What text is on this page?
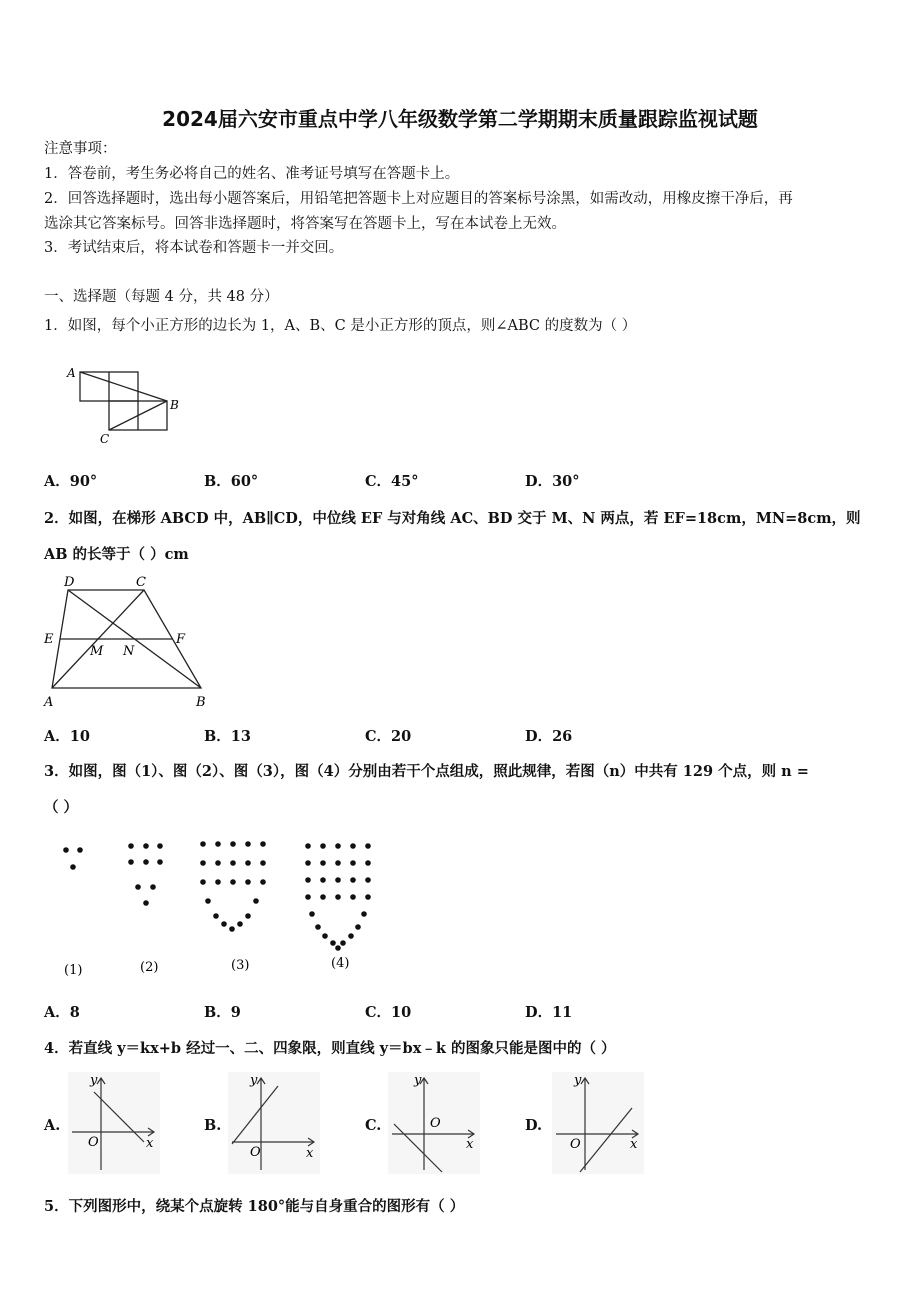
2024届六安市重点中学八年级数学第二学期期末质量跟踪监视试题
注意事项：
1．答卷前，考生务必将自己的姓名、准考证号填写在答题卡上。
2．回答选择题时，选出每小题答案后，用铅笔把答题卡上对应题目的答案标号涂黑，如需改动，用橡皮擦干净后，再
选涂其它答案标号。回答非选择题时，将答案写在答题卡上，写在本试卷上无效。
3．考试结束后，将本试卷和答题卡一并交回。
一、选择题（每题 4 分，共 48 分）
1．如图，每个小正方形的边长为 1，A、B、C 是小正方形的顶点，则∠ABC 的度数为（ ）
A
B
C
A．90°	B．60°	C．45°	D．30°
2．如图，在梯形 ABCD 中，AB∥CD，中位线 EF 与对角线 AC、BD 交于 M、N 两点，若 EF=18cm，MN=8cm，则
AB 的长等于（ ）cm
D	C
E	F
M N
A	B
A．10	B．13	C．20	D．26
3．如图，图（1）、图（2）、图（3），图（4）分别由若干个点组成，照此规律，若图（n）中共有 129 个点，则 n =
（ ）
(1)	(2)	(3)	(4)
A．8	B．9	C．10	D．11
4．若直线 y＝kx+b 经过一、二、四象限，则直线 y＝bx﹣k 的图象只能是图中的（ ）
A.
y
x
O
B.
y
x
O
C.
y
x
O	D.
y
x
O
5．下列图形中，绕某个点旋转 180°能与自身重合的图形有（ ）
